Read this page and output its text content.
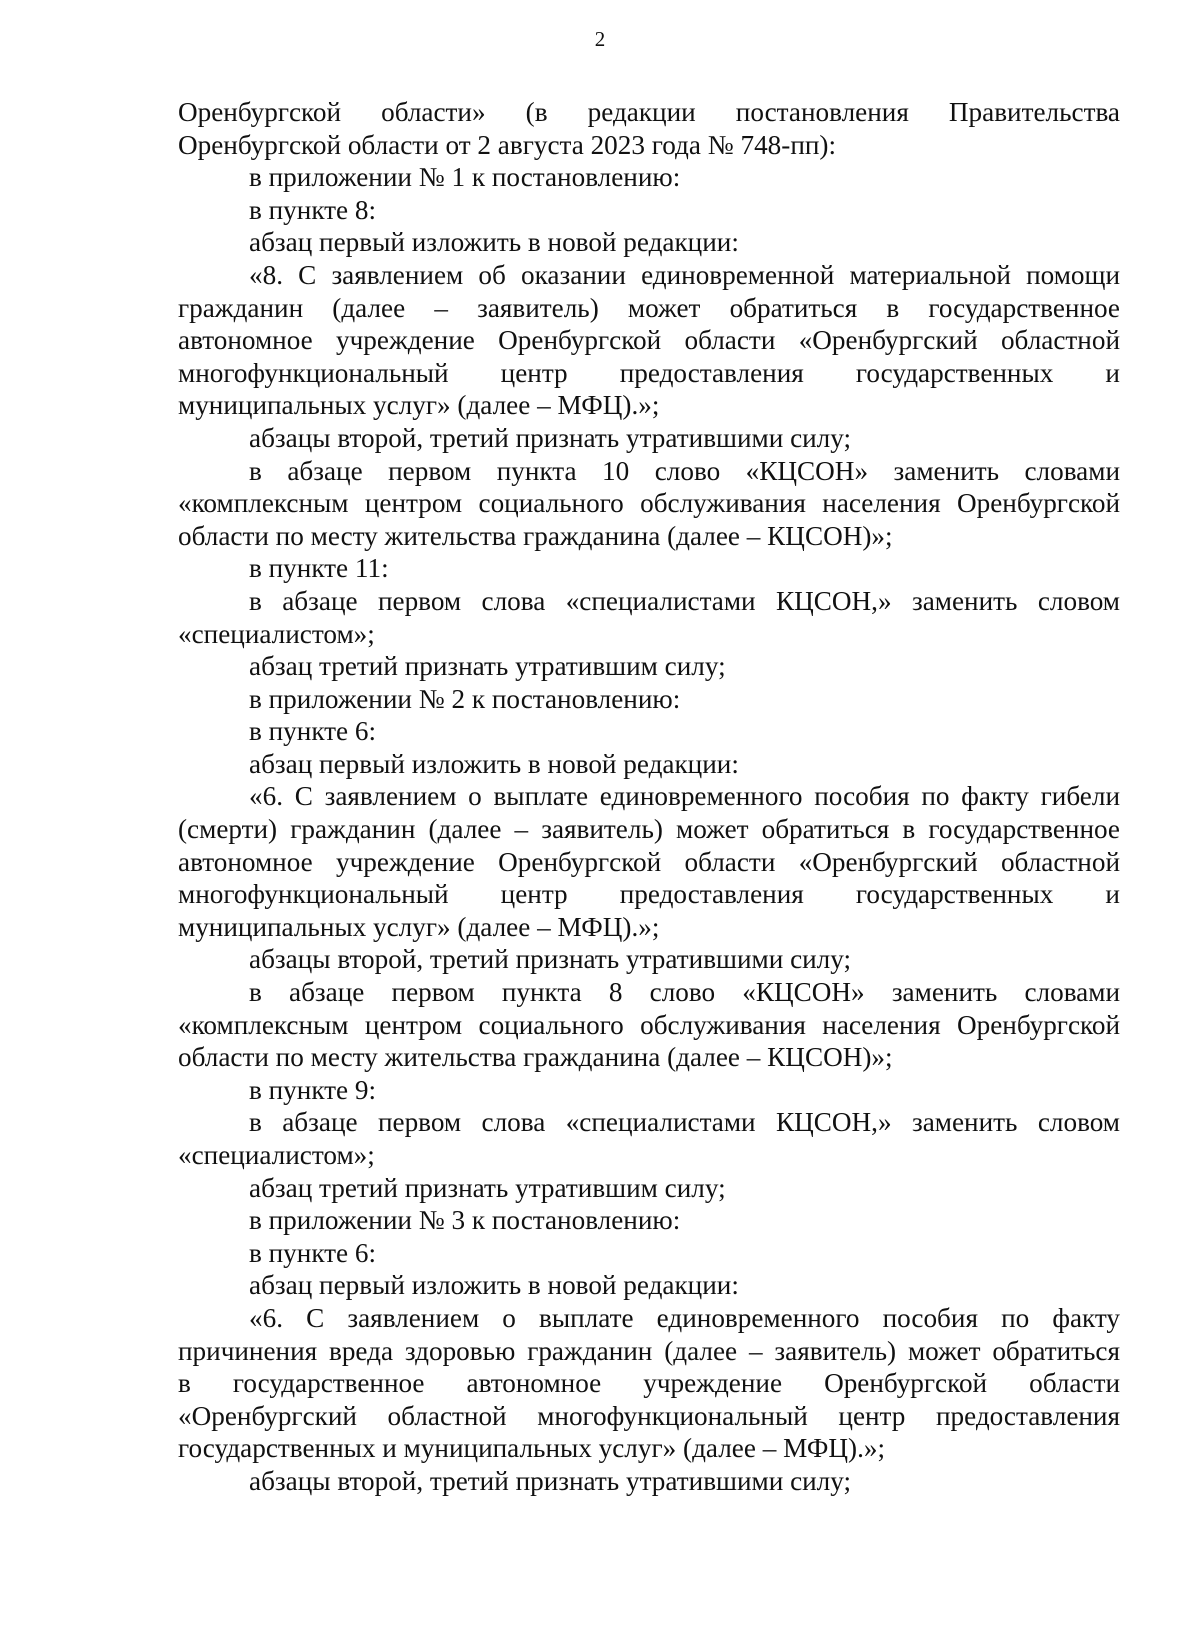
2
Оренбургской области» (в редакции постановления Правительства
Оренбургской области от 2 августа 2023 года № 748-пп):
в приложении № 1 к постановлению:
в пункте 8:
абзац первый изложить в новой редакции:
«8. С заявлением об оказании единовременной материальной помощи
гражданин (далее – заявитель) может обратиться в государственное
автономное учреждение Оренбургской области «Оренбургский областной
многофункциональный центр предоставления государственных и
муниципальных услуг» (далее – МФЦ).»;
абзацы второй, третий признать утратившими силу;
в абзаце первом пункта 10 слово «КЦСОН» заменить словами
«комплексным центром социального обслуживания населения Оренбургской
области по месту жительства гражданина (далее – КЦСОН)»;
в пункте 11:
в абзаце первом слова «специалистами КЦСОН,» заменить словом
«специалистом»;
абзац третий признать утратившим силу;
в приложении № 2 к постановлению:
в пункте 6:
абзац первый изложить в новой редакции:
«6. С заявлением о выплате единовременного пособия по факту гибели
(смерти) гражданин (далее – заявитель) может обратиться в государственное
автономное учреждение Оренбургской области «Оренбургский областной
многофункциональный центр предоставления государственных и
муниципальных услуг» (далее – МФЦ).»;
абзацы второй, третий признать утратившими силу;
в абзаце первом пункта 8 слово «КЦСОН» заменить словами
«комплексным центром социального обслуживания населения Оренбургской
области по месту жительства гражданина (далее – КЦСОН)»;
в пункте 9:
в абзаце первом слова «специалистами КЦСОН,» заменить словом
«специалистом»;
абзац третий признать утратившим силу;
в приложении № 3 к постановлению:
в пункте 6:
абзац первый изложить в новой редакции:
«6. С заявлением о выплате единовременного пособия по факту
причинения вреда здоровью гражданин (далее – заявитель) может обратиться
в государственное автономное учреждение Оренбургской области
«Оренбургский областной многофункциональный центр предоставления
государственных и муниципальных услуг» (далее – МФЦ).»;
абзацы второй, третий признать утратившими силу;
